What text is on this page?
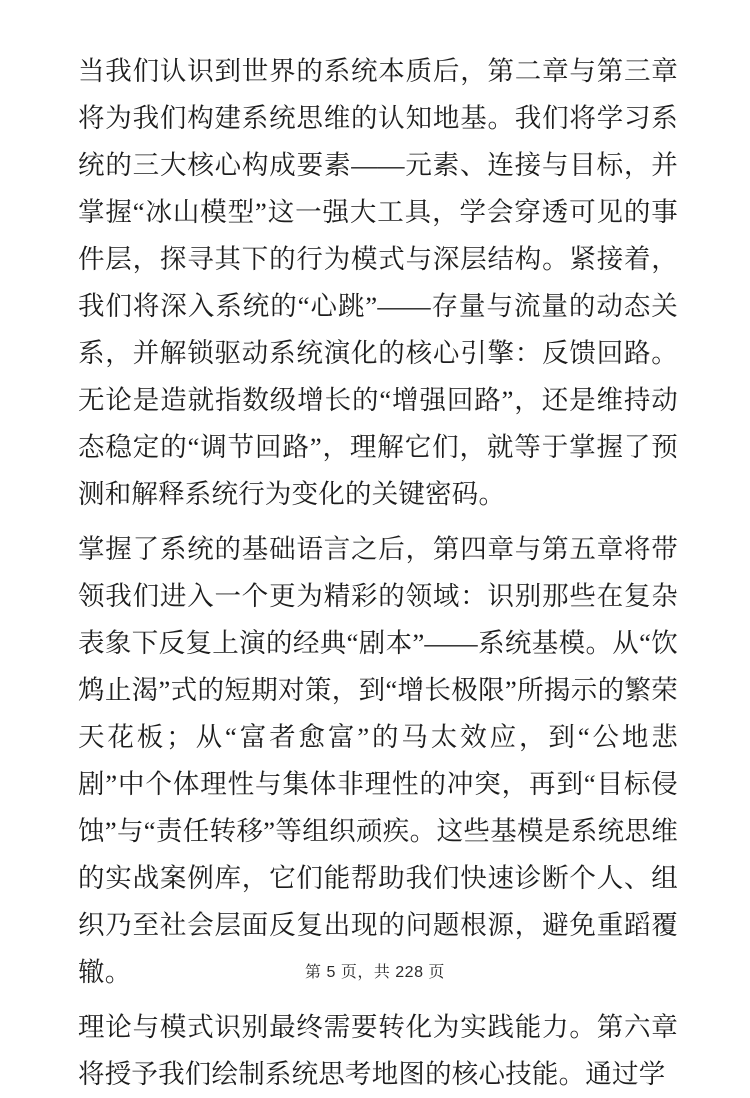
当我们认识到世界的系统本质后，第二章与第三章将为我们构建系统思维的认知地基。我们将学习系统的三大核心构成要素——元素、连接与目标，并掌握“冰山模型”这一强大工具，学会穿透可见的事件层，探寻其下的行为模式与深层结构。紧接着，我们将深入系统的“心跳”——存量与流量的动态关系，并解锁驱动系统演化的核心引擎：反馈回路。无论是造就指数级增长的“增强回路”，还是维持动态稳定的“调节回路”，理解它们，就等于掌握了预测和解释系统行为变化的关键密码。

掌握了系统的基础语言之后，第四章与第五章将带领我们进入一个更为精彩的领域：识别那些在复杂表象下反复上演的经典“剧本”——系统基模。从“饮鸩止渴”式的短期对策，到“增长极限”所揭示的繁荣天花板；从“富者愈富”的马太效应，到“公地悲剧”中个体理性与集体非理性的冲突，再到“目标侵蚀”与“责任转移”等组织顽疾。这些基模是系统思维的实战案例库，它们能帮助我们快速诊断个人、组织乃至社会层面反复出现的问题根源，避免重蹈覆辙。

理论与模式识别最终需要转化为实践能力。第六章将授予我们绘制系统思考地图的核心技能。通过学

第 5 页，共 228 页
